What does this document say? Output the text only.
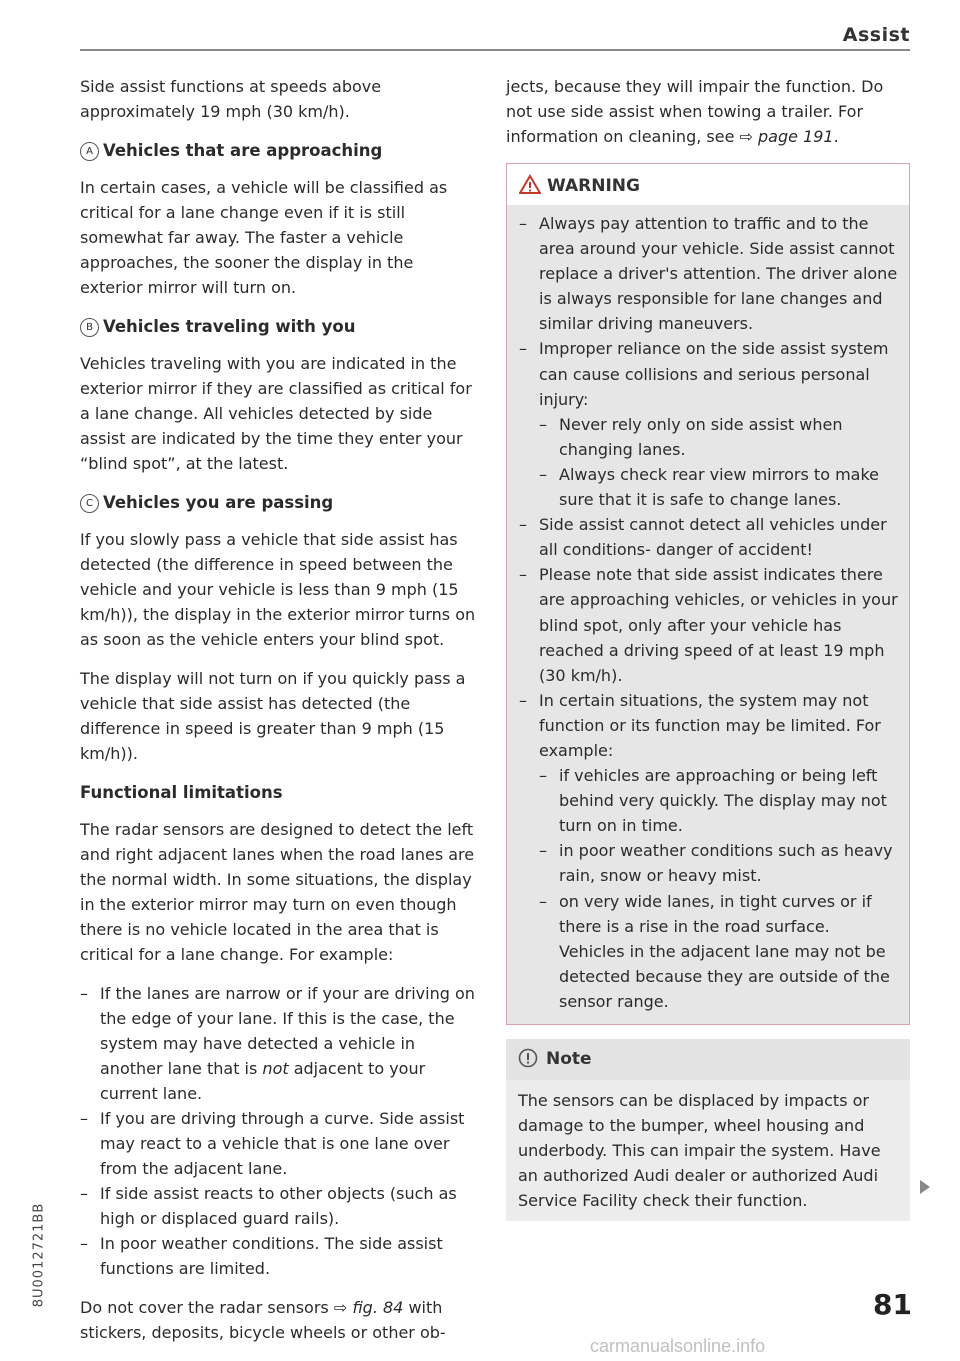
Assist

Side assist functions at speeds above approximately 19 mph (30 km/h).

A Vehicles that are approaching

In certain cases, a vehicle will be classified as critical for a lane change even if it is still somewhat far away. The faster a vehicle approaches, the sooner the display in the exterior mirror will turn on.

B Vehicles traveling with you

Vehicles traveling with you are indicated in the exterior mirror if they are classified as critical for a lane change. All vehicles detected by side assist are indicated by the time they enter your “blind spot”, at the latest.

C Vehicles you are passing

If you slowly pass a vehicle that side assist has detected (the difference in speed between the vehicle and your vehicle is less than 9 mph (15 km/h)), the display in the exterior mirror turns on as soon as the vehicle enters your blind spot.

The display will not turn on if you quickly pass a vehicle that side assist has detected (the difference in speed is greater than 9 mph (15 km/h)).

Functional limitations

The radar sensors are designed to detect the left and right adjacent lanes when the road lanes are the normal width. In some situations, the display in the exterior mirror may turn on even though there is no vehicle located in the area that is critical for a lane change. For example:

– If the lanes are narrow or if your are driving on the edge of your lane. If this is the case, the system may have detected a vehicle in another lane that is not adjacent to your current lane.
– If you are driving through a curve. Side assist may react to a vehicle that is one lane over from the adjacent lane.
– If side assist reacts to other objects (such as high or displaced guard rails).
– In poor weather conditions. The side assist functions are limited.

Do not cover the radar sensors ⇨ fig. 84 with stickers, deposits, bicycle wheels or other ob-

jects, because they will impair the function. Do not use side assist when towing a trailer. For information on cleaning, see ⇨ page 191.

WARNING
– Always pay attention to traffic and to the area around your vehicle. Side assist cannot replace a driver's attention. The driver alone is always responsible for lane changes and similar driving maneuvers.
– Improper reliance on the side assist system can cause collisions and serious personal injury:
– Never rely only on side assist when changing lanes.
– Always check rear view mirrors to make sure that it is safe to change lanes.
– Side assist cannot detect all vehicles under all conditions- danger of accident!
– Please note that side assist indicates there are approaching vehicles, or vehicles in your blind spot, only after your vehicle has reached a driving speed of at least 19 mph (30 km/h).
– In certain situations, the system may not function or its function may be limited. For example:
– if vehicles are approaching or being left behind very quickly. The display may not turn on in time.
– in poor weather conditions such as heavy rain, snow or heavy mist.
– on very wide lanes, in tight curves or if there is a rise in the road surface. Vehicles in the adjacent lane may not be detected because they are outside of the sensor range.
Note
The sensors can be displaced by impacts or damage to the bumper, wheel housing and underbody. This can impair the system. Have an authorized Audi dealer or authorized Audi Service Facility check their function.
81
8U0012721BB
carmanualsonline.info
